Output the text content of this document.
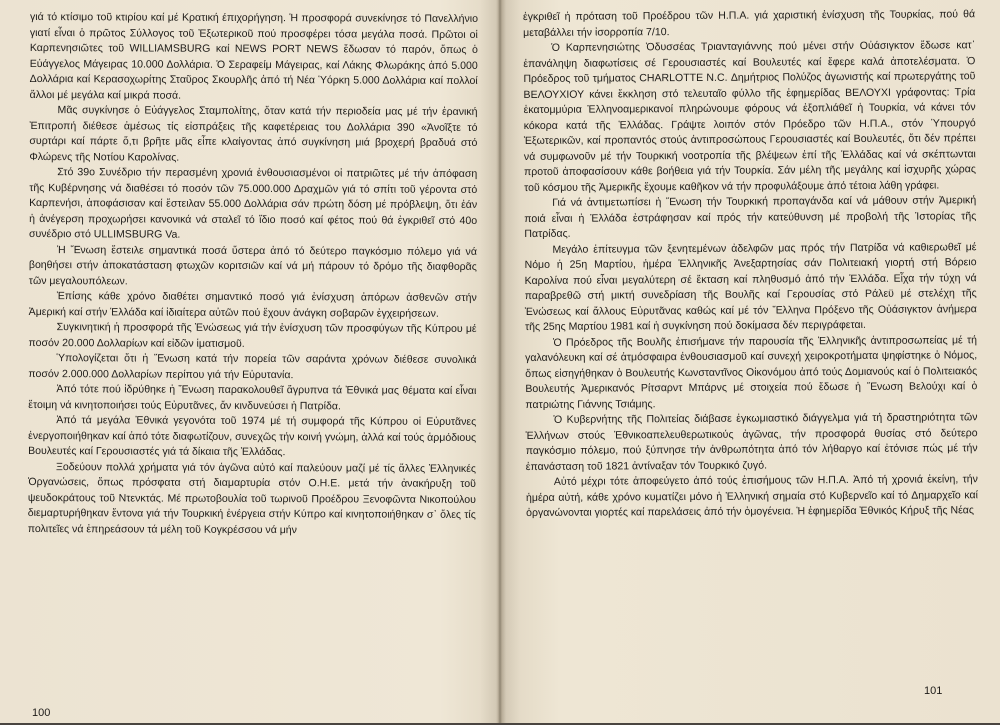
γιά τό κτίσιμο τοῦ κτιρίου καί μέ Κρατική έπιχορήγηση. Ἡ προσφορά συνεκίνησε τό Πανελλήνιο γιατί εἶναι ὁ πρῶτος Σύλλογος τοῦ Ἐξωτερικοῦ πού προσφέρει τόσα μεγάλα ποσά. Πρῶτοι οἱ Καρπενησιῶτες τοῦ WILLIAMSBURG καί NEWS PORT NEWS ἔδωσαν τό παρόν, ὅπως ὁ Εὐάγγελος Μάγειρας 10.000 Δολλάρια. Ὁ Σεραφείμ Μάγειρας, καί Λάκης Φλωράκης ἀπό 5.000 Δολλάρια καί Κερασοχωρίτης Σταῦρος Σκουρλῆς ἀπό τή Νέα Ὑόρκη 5.000 Δολλάρια καί πολλοί ἄλλοι μέ μεγάλα καί μικρά ποσά.

Μᾶς συγκίνησε ὁ Εὐάγγελος Σταμπολίτης, ὅταν κατά τήν περιοδεία μας μέ τήν ἐρανική Ἐπιτροπή διέθεσε ἀμέσως τίς εἰσπράξεις τῆς καφετέρειας του Δολλάρια 390 «Ἀνοῖξτε τό συρτάρι καί πάρτε ὅ,τι βρῆτε μᾶς εἶπε κλαίγοντας ἀπό συγκίνηση μιά βροχερή βραδυά στό Φλώρενς τῆς Νοτίου Καρολίνας.

Στό 39ο Συνέδριο τήν περασμένη χρονιά ἐνθουσιασμένοι οἱ πατριῶτες μέ τήν ἀπόφαση τῆς Κυβέρνησης νά διαθέσει τό ποσόν τῶν 75.000.000 Δραχμῶν γιά τό σπίτι τοῦ γέροντα στό Καρπενήσι, ἀποφάσισαν καί ἔστειλαν 55.000 Δολλάρια σάν πρώτη δόση μέ πρόβλεψη, ὅτι ἐάν ἡ ἀνέγερση προχωρήσει κανονικά νά σταλεῖ τό ἴδιο ποσό καί φέτος πού θά ἐγκριθεῖ στό 40ο συνέδριο στό ULLIMSBURG Va.

Ἡ Ἕνωση ἔστειλε σημαντικά ποσά ὕστερα ἀπό τό δεύτερο παγκόσμιο πόλεμο γιά νά βοηθήσει στήν ἀποκατάσταση φτωχῶν κοριτσιῶν καί νά μή πάρουν τό δρόμο τῆς διαφθορᾶς τῶν μεγαλουπόλεων.

Ἐπίσης κάθε χρόνο διαθέτει σημαντικό ποσό γιά ἐνίσχυση ἀπόρων ἀσθενῶν στήν Ἀμερική καί στήν Ἑλλάδα καί ἰδιαίτερα αὐτῶν πού ἔχουν ἀνάγκη σοβαρῶν ἐγχειρήσεων.

Συγκινητική ἡ προσφορά τῆς Ἑνώσεως γιά τήν ἐνίσχυση τῶν προσφύγων τῆς Κύπρου μέ ποσόν 20.000 Δολλαρίων καί εἰδῶν ἱματισμοῦ.

Ὑπολογίζεται ὅτι ἡ Ἕνωση κατά τήν πορεία τῶν σαράντα χρόνων διέθεσε συνολικά ποσόν 2.000.000 Δολλαρίων περίπου γιά τήν Εὐρυτανία.

Ἀπό τότε πού ἱδρύθηκε ἡ Ἕνωση παρακολουθεῖ ἄγρυπνα τά Ἐθνικά μας θέματα καί εἶναι ἕτοιμη νά κινητοποιήσει τούς Εὐρυτᾶνες, ἄν κινδυνεύσει ἡ Πατρίδα.

Ἀπό τά μεγάλα Ἐθνικά γεγονότα τοῦ 1974 μέ τή συμφορά τῆς Κύπρου οἱ Εὐρυτᾶνες ἐνεργοποιήθηκαν καί ἀπό τότε διαφωτίζουν, συνεχῶς τήν κοινή γνώμη, ἀλλά καί τούς ἁρμόδιους Βουλευτές καί Γερουσιαστές γιά τά δίκαια τῆς Ἑλλάδας.

Ξοδεύουν πολλά χρήματα γιά τόν ἀγῶνα αὐτό καί παλεύουν μαζί μέ τίς ἄλλες Ἑλληνικές Ὀργανώσεις, ὅπως πρόσφατα στή διαμαρτυρία στόν Ο.Η.Ε. μετά τήν ἀνακήρυξη τοῦ ψευδοκράτους τοῦ Ντενκτάς. Μέ πρωτοβουλία τοῦ τωρινοῦ Προέδρου Ξενοφῶντα Νικοπούλου διεμαρτυρήθηκαν ἔντονα γιά τήν Τουρκική ἐνέργεια στήν Κύπρο καί κινητοποιήθηκαν σ᾿ ὅλες τίς πολιτεῖες νά ἐπηρεάσουν τά μέλη τοῦ Κογκρέσσου νά μήν

ἐγκριθεῖ ἡ πρόταση τοῦ Προέδρου τῶν Η.Π.Α. γιά χαριστική ἐνίσχυση τῆς Τουρκίας, πού θά μεταβάλλει τήν ἰσορροπία 7/10.

Ὁ Καρπενησιώτης Ὀδυσσέας Τριανταγιάννης πού μένει στήν Οὐάσιγκτον ἔδωσε κατ᾿ ἐπανάληψη διαφωτίσεις σέ Γερουσιαστές καί Βουλευτές καί ἔφερε καλά ἀποτελέσματα. Ὁ Πρόεδρος τοῦ τμήματος CHARLOTTE N.C. Δημήτριος Πολύζος ἀγωνιστής καί πρωτεργάτης τοῦ ΒΕΛΟΥΧΙΟΥ κάνει ἔκκληση στό τελευταῖο φύλλο τῆς ἐφημερίδας ΒΕΛΟΥΧΙ γράφοντας: Τρία ἑκατομμύρια Ἑλληνοαμερικανοί πληρώνουμε φόρους νά ἐξοπλιάθεῖ ἡ Τουρκία, νά κάνει τόν κόκορα κατά τῆς Ἑλλάδας. Γράψτε λοιπόν στόν Πρόεδρο τῶν Η.Π.Α., στόν Ὑπουργό Ἐξωτερικῶν, καί προπαντός στούς ἀντιπροσώπους Γερουσιαστές καί Βουλευτές, ὅτι δέν πρέπει νά συμφωνοῦν μέ τήν Τουρκική νοοτροπία τῆς βλέψεων ἐπί τῆς Ἑλλάδας καί νά σκέπτωνται προτοῦ ἀποφασίσουν κάθε βοήθεια γιά τήν Τουρκία. Σάν μέλη τῆς μεγάλης καί ἰσχυρῆς χώρας τοῦ κόσμου τῆς Ἀμερικῆς ἔχουμε καθῆκον νά τήν προφυλάξουμε ἀπό τέτοια λάθη γράφει.

Γιά νά ἀντιμετωπίσει ἡ Ἕνωση τήν Τουρκική προπαγάνδα καί νά μάθουν στήν Ἀμερική ποιά εἶναι ἡ Ἑλλάδα ἐστράφησαν καί πρός τήν κατεύθυνση μέ προβολή τῆς Ἱστορίας τῆς Πατρίδας.

Μεγάλο ἐπίτευγμα τῶν ξενητεμένων ἀδελφῶν μας πρός τήν Πατρίδα νά καθιερωθεῖ μέ Νόμο ἡ 25η Μαρτίου, ἡμέρα Ἑλληνικῆς Ἀνεξαρτησίας σάν Πολιτειακή γιορτή στή Βόρειο Καρολίνα πού εἶναι μεγαλύτερη σέ ἔκταση καί πληθυσμό ἀπό τήν Ἑλλάδα. Εἶχα τήν τύχη νά παραβρεθῶ στή μικτή συνεδρίαση τῆς Βουλῆς καί Γερουσίας στό Ράλεϋ μέ στελέχη τῆς Ἑνώσεως καί ἄλλους Εὐρυτᾶνας καθώς καί μέ τόν Ἕλληνα Πρόξενο τῆς Οὐάσιγκτον ἀνήμερα τῆς 25ης Μαρτίου 1981 καί ἡ συγκίνηση πού δοκίμασα δέν περιγράφεται.

Ὁ Πρόεδρος τῆς Βουλῆς ἐπισήμανε τήν παρουσία τῆς Ἑλληνικῆς ἀντιπροσωπείας μέ τή γαλανόλευκη καί σέ ἀτμόσφαιρα ἐνθουσιασμοῦ καί συνεχή χειροκροτήματα ψηφίστηκε ὁ Νόμος, ὅπως εἰσηγήθηκαν ὁ Βουλευτής Κωνσταντῖνος Οἰκονόμου ἀπό τούς Δομιανούς καί ὁ Πολιτειακός Βουλευτής Ἀμερικανός Ρίτσαρντ Μπάρνς μέ στοιχεία πού ἔδωσε ἡ Ἕνωση Βελούχι καί ὁ πατριώτης Γιάννης Τσιάμης.

Ὁ Κυβερνήτης τῆς Πολιτείας διάβασε ἐγκωμιαστικό διάγγελμα γιά τή δραστηριότητα τῶν Ἑλλήνων στούς Ἐθνικοαπελευθερωτικούς ἀγῶνας, τήν προσφορά θυσίας στό δεύτερο παγκόσμιο πόλεμο, πού ξύπνησε τήν ἀνθρωπότητα ἀπό τόν λήθαργο καί ἐτόνισε πώς μέ τήν ἐπανάσταση τοῦ 1821 ἀντίναξαν τόν Τουρκικό ζυγό.

Αὐτό μέχρι τότε ἀποφεύγετο ἀπό τούς ἐπισήμους τῶν Η.Π.Α. Ἀπό τή χρονιά ἐκείνη, τήν ἡμέρα αὐτή, κάθε χρόνο κυματίζει μόνο ἡ Ἑλληνική σημαία στό Κυβερνεῖο καί τό Δημαρχεῖο καί ὀργανώνονται γιορτές καί παρελάσεις ἀπό τήν ὁμογένεια. Ἡ ἐφημερίδα Ἐθνικός Κήρυξ τῆς Νέας

100
101
